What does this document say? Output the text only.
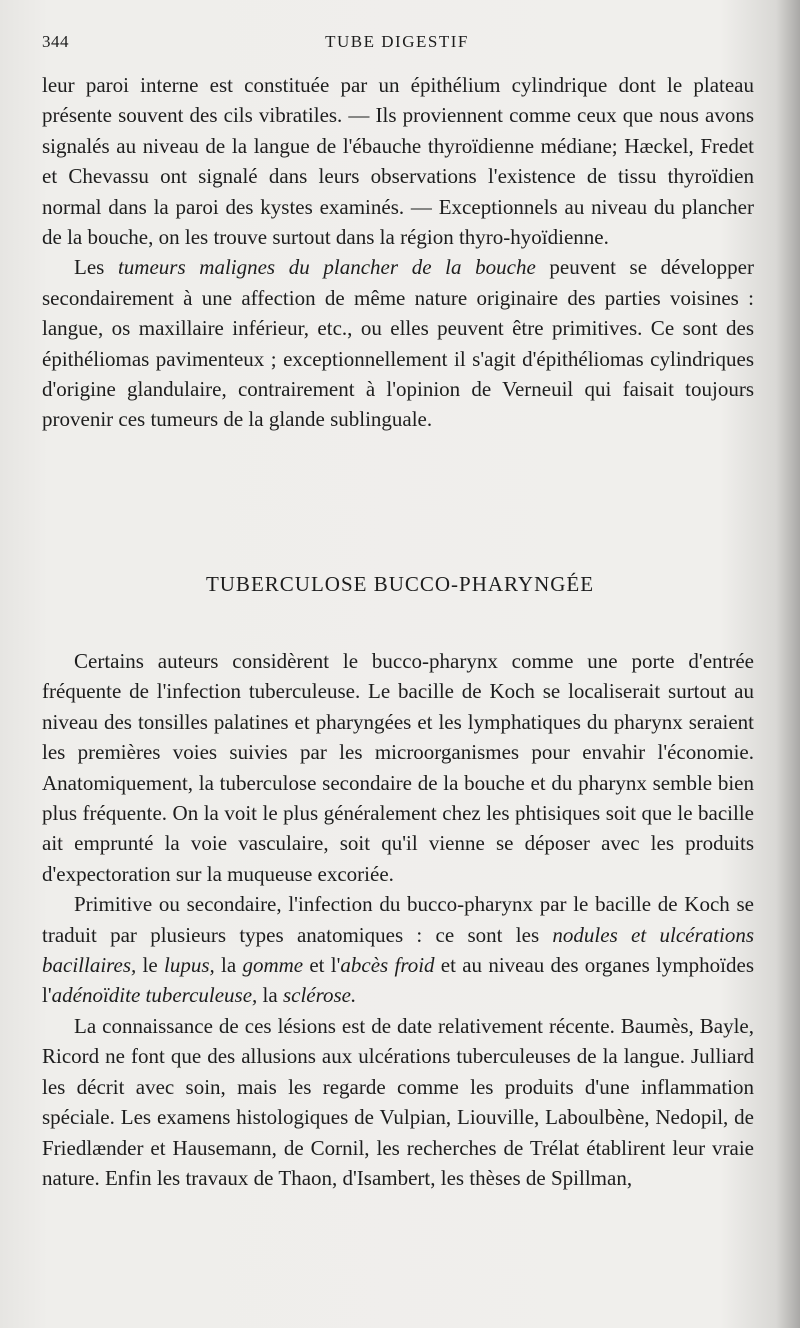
344	TUBE DIGESTIF

leur paroi interne est constituée par un épithélium cylindrique dont le plateau présente souvent des cils vibratiles. — Ils proviennent comme ceux que nous avons signalés au niveau de la langue de l'ébauche thyroïdienne médiane; Hæckel, Fredet et Chevassu ont signalé dans leurs observations l'existence de tissu thyroïdien normal dans la paroi des kystes examinés. — Exceptionnels au niveau du plancher de la bouche, on les trouve surtout dans la région thyro-hyoïdienne.

Les tumeurs malignes du plancher de la bouche peuvent se développer secondairement à une affection de même nature originaire des parties voisines : langue, os maxillaire inférieur, etc., ou elles peuvent être primitives. Ce sont des épithéliomas pavimenteux ; exceptionnellement il s'agit d'épithéliomas cylindriques d'origine glandulaire, contrairement à l'opinion de Verneuil qui faisait toujours provenir ces tumeurs de la glande sublinguale.

TUBERCULOSE BUCCO-PHARYNGÉE

Certains auteurs considèrent le bucco-pharynx comme une porte d'entrée fréquente de l'infection tuberculeuse. Le bacille de Koch se localiserait surtout au niveau des tonsilles palatines et pharyngées et les lymphatiques du pharynx seraient les premières voies suivies par les microorganismes pour envahir l'économie. Anatomiquement, la tuberculose secondaire de la bouche et du pharynx semble bien plus fréquente. On la voit le plus généralement chez les phtisiques soit que le bacille ait emprunté la voie vasculaire, soit qu'il vienne se déposer avec les produits d'expectoration sur la muqueuse excoriée.

Primitive ou secondaire, l'infection du bucco-pharynx par le bacille de Koch se traduit par plusieurs types anatomiques : ce sont les nodules et ulcérations bacillaires, le lupus, la gomme et l'abcès froid et au niveau des organes lymphoïdes l'adénoïdite tuberculeuse, la sclérose.

La connaissance de ces lésions est de date relativement récente. Baumès, Bayle, Ricord ne font que des allusions aux ulcérations tuberculeuses de la langue. Julliard les décrit avec soin, mais les regarde comme les produits d'une inflammation spéciale. Les examens histologiques de Vulpian, Liouville, Laboulbène, Nedopil, de Friedlænder et Hausemann, de Cornil, les recherches de Trélat établirent leur vraie nature. Enfin les travaux de Thaon, d'Isambert, les thèses de Spillman,
